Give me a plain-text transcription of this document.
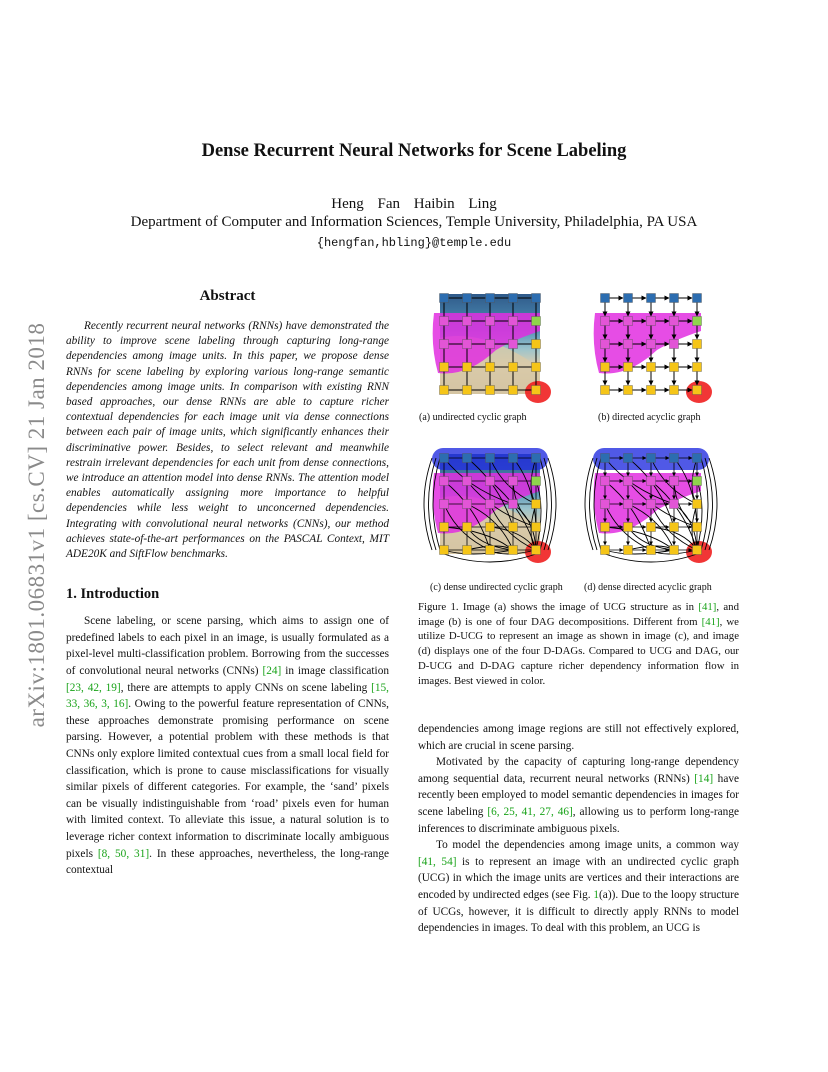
Dense Recurrent Neural Networks for Scene Labeling
Heng Fan Haibin Ling
Department of Computer and Information Sciences, Temple University, Philadelphia, PA USA
{hengfan,hbling}@temple.edu
arXiv:1801.06831v1 [cs.CV] 21 Jan 2018
Abstract

Recently recurrent neural networks (RNNs) have demonstrated the ability to improve scene labeling through capturing long-range dependencies among image units. In this paper, we propose dense RNNs for scene labeling by exploring various long-range semantic dependencies among image units. In comparison with existing RNN based approaches, our dense RNNs are able to capture richer contextual dependencies for each image unit via dense connections between each pair of image units, which significantly enhances their discriminative power. Besides, to select relevant and meanwhile restrain irrelevant dependencies for each unit from dense connections, we introduce an attention model into dense RNNs. The attention model enables automatically assigning more importance to helpful dependencies while less weight to unconcerned dependencies. Integrating with convolutional neural networks (CNNs), our method achieves state-of-the-art performances on the PASCAL Context, MIT ADE20K and SiftFlow benchmarks.

1. Introduction

Scene labeling, or scene parsing, which aims to assign one of predefined labels to each pixel in an image, is usually formulated as a pixel-level multi-classification problem. Borrowing from the successes of convolutional neural networks (CNNs) [24] in image classification [23, 42, 19], there are attempts to apply CNNs on scene labeling [15, 33, 36, 3, 16]. Owing to the powerful feature representation of CNNs, these approaches demonstrate promising performance on scene parsing. However, a potential problem with these methods is that CNNs only explore limited contextual cues from a small local field for classification, which is prone to cause misclassifications for visually similar pixels of different categories. For example, the ‘sand’ pixels can be visually indistinguishable from ‘road’ pixels even for human with limited context. To alleviate this issue, a natural solution is to leverage richer context information to discriminate locally ambiguous pixels [8, 50, 31]. In these approaches, nevertheless, the long-range contextual

(a) undirected cyclic graph	(b) directed acyclic graph
(c) dense undirected cyclic graph (d) dense directed acyclic graph

Figure 1. Image (a) shows the image of UCG structure as in [41], and image (b) is one of four DAG decompositions. Different from [41], we utilize D-UCG to represent an image as shown in image (c), and image (d) displays one of the four D-DAGs. Compared to UCG and DAG, our D-UCG and D-DAG capture richer dependency information flow in images. Best viewed in color.

dependencies among image regions are still not effectively explored, which are crucial in scene parsing.

Motivated by the capacity of capturing long-range dependency among sequential data, recurrent neural networks (RNNs) [14] have recently been employed to model semantic dependencies in images for scene labeling [6, 25, 41, 27, 46], allowing us to perform long-range inferences to discriminate ambiguous pixels.

To model the dependencies among image units, a common way [41, 54] is to represent an image with an undirected cyclic graph (UCG) in which the image units are vertices and their interactions are encoded by undirected edges (see Fig. 1(a)). Due to the loopy structure of UCGs, however, it is difficult to directly apply RNNs to model dependencies in images. To deal with this problem, an UCG is
